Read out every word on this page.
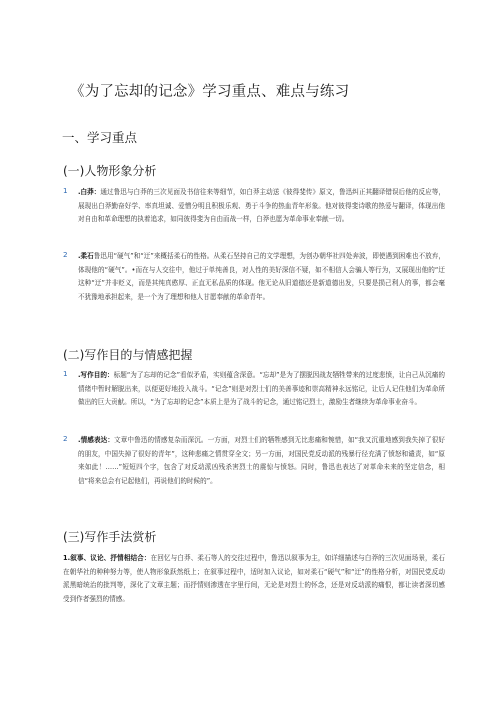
《为了忘却的记念》学习重点、难点与练习
一、学习重点
(一)人物形象分析
1 .白莽：通过鲁迅与白莽的三次见面及书信往来等细节，如白莽主动送《彼得斐传》原文，鲁迅纠正其翻译错误后他的反应等，展现出白莽勤奋好学、率真坦诚、爱憎分明且积极乐观、勇于斗争的热血青年形象。他对彼得斐诗歌的热爱与翻译，体现出他对自由和革命理想的执着追求，如同彼得斐为自由而战一样，白莽也愿为革命事业奉献一切。
2 .柔石鲁迅用“硬气”和“迂”来概括柔石的性格。从柔石坚持自己的文学理想，为创办朝华社四处奔波，即使遇到困难也不放弃，体现他的“硬气”。•而在与人交往中，他过于单纯善良，对人性的美好深信不疑，如不相信人会骗人等行为，又展现出他的“迂这种“迂”并非贬义，而是其纯真憨厚、正直无私品质的体现。他无论从旧道德还是新道德出发，只要是损己利人的事，都会毫不犹豫地承担起来，是一个为了理想和他人甘愿奉献的革命青年。
(二)写作目的与情感把握
1 .写作目的：标题“为了忘却的记念”看似矛盾，实则蕴含深意。“忘却”是为了摆脱因战友牺牲带来的过度悲愤，让自己从沉痛的情绪中暂时解脱出来，以便更好地投入战斗。“记念”则是对烈士们的美善事迹和崇高精神永远铭记，让后人记住他们为革命所做出的巨大贡献。所以，“为了忘却的记念”本质上是为了战斗的记念，通过铭记烈士，激励生者继续为革命事业奋斗。
2 .情感表达：文章中鲁迅的情感复杂而深沉。一方面，对烈士们的牺牲感到无比悲痛和惋惜，如“我又沉重地感到我失掉了很好的朋友，中国失掉了很好的青年”，这种悲痛之情贯穿全文；另一方面，对国民党反动派的残暴行径充满了愤怒和谴责，如“原来如此！……”短短四个字，包含了对反动派凶残杀害烈士的震惊与愤怒。同时，鲁迅也表达了对革命未来的坚定信念，相信“将来总会有记起他们，再说他们的时候的”。
(三)写作手法赏析
1.叙事、议论、抒情相结合：在回忆与白莽、柔石等人的交往过程中，鲁迅以叙事为主，如详细描述与白莽的三次见面场景，柔石在朝华社的种种努力等，使人物形象跃然纸上；在叙事过程中，适时加入议论，如对柔石“硬气”和“迂”的性格分析，对国民党反动派黑暗统治的批判等，深化了文章主题；而抒情则渗透在字里行间，无论是对烈士的怀念，还是对反动派的痛恨，都让读者深切感受到作者强烈的情感。
